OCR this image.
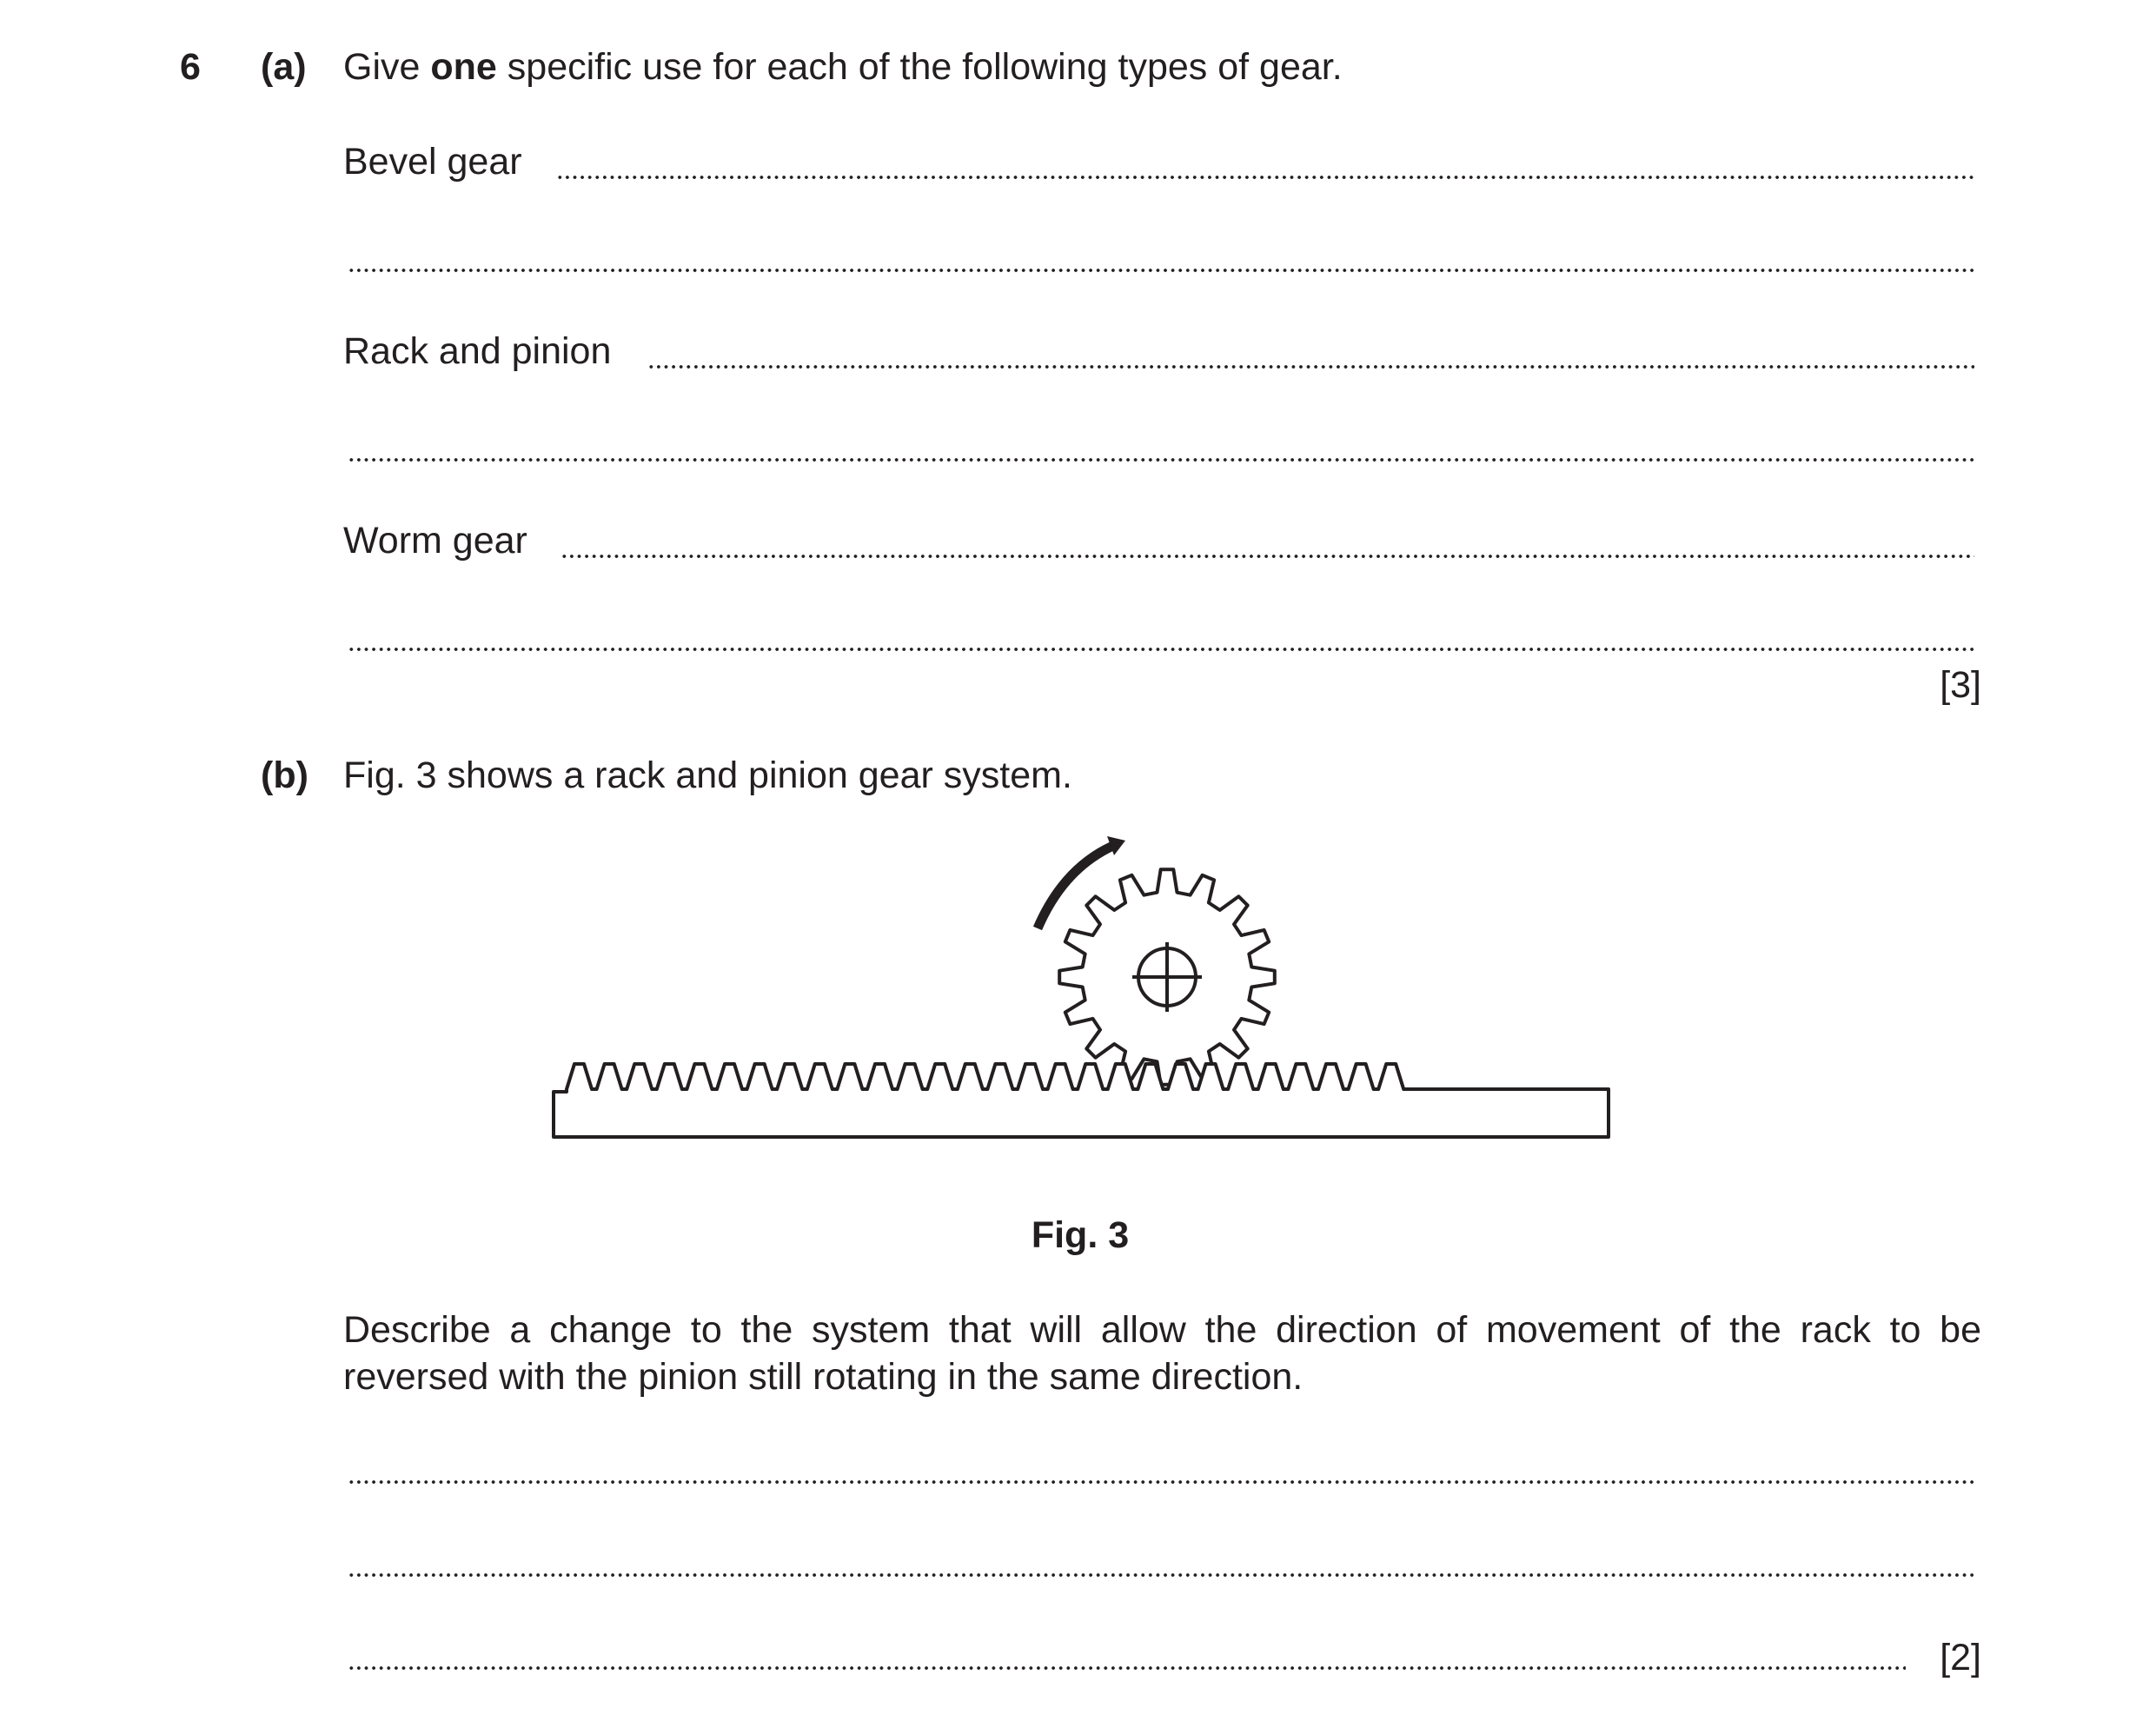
6 (a) Give one specific use for each of the following types of gear.
Bevel gear
Rack and pinion
Worm gear
[3]
(b) Fig. 3 shows a rack and pinion gear system.
Fig. 3
Describe a change to the system that will allow the direction of movement of the rack to be reversed with the pinion still rotating in the same direction.
[2]
